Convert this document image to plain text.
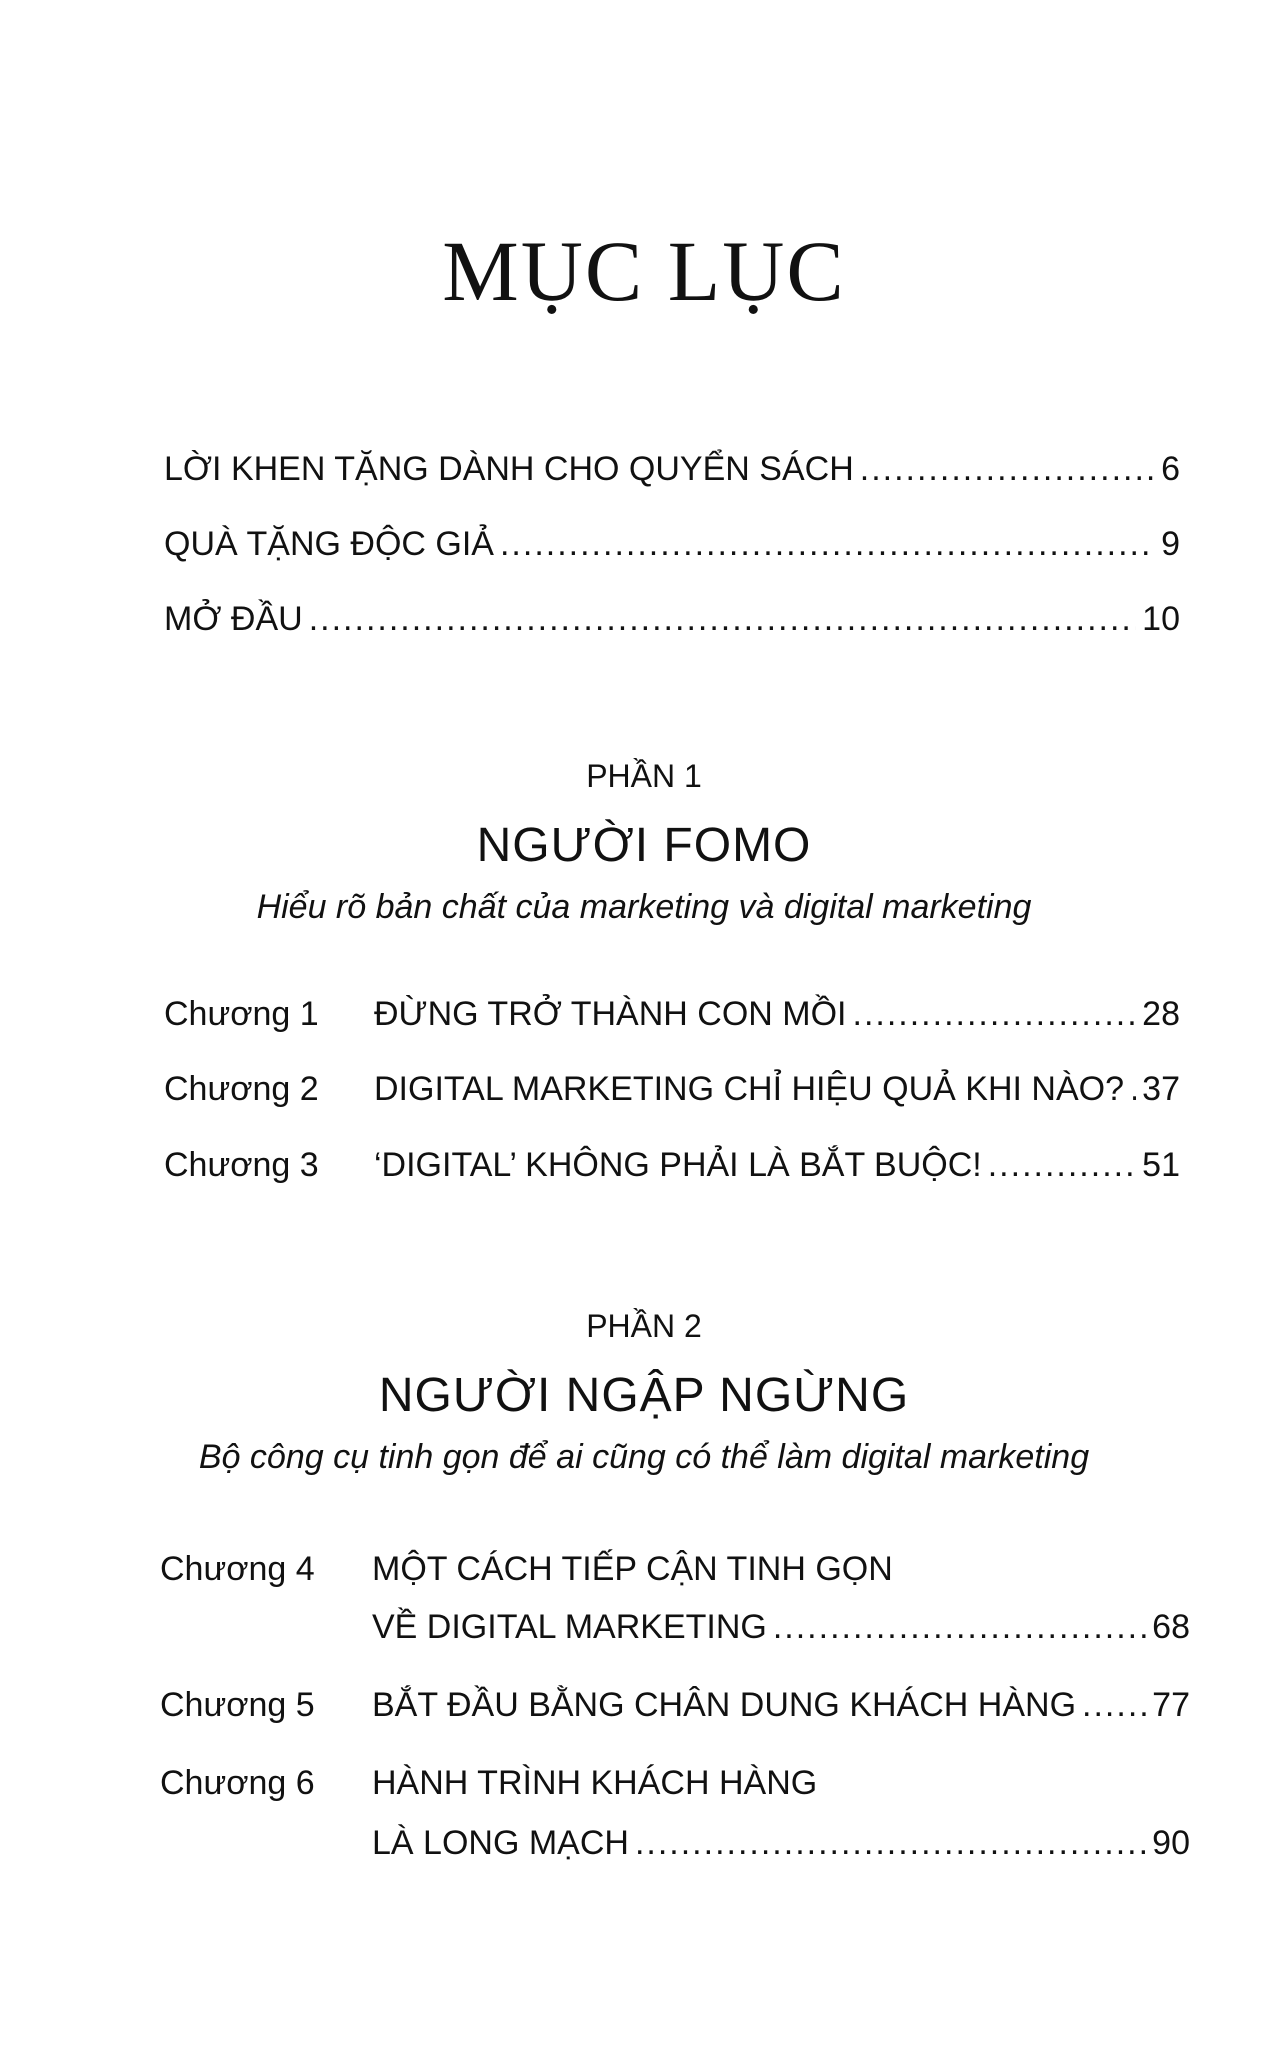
MỤC LỤC
LỜI KHEN TẶNG DÀNH CHO QUYỂN SÁCH .....	6
QUÀ TẶNG ĐỘC GIẢ .....	9
MỞ ĐẦU .....	10
PHẦN 1
NGƯỜI FOMO
Hiểu rõ bản chất của marketing và digital marketing
Chương 1 ĐỪNG TRỞ THÀNH CON MỒI .....	28
Chương 2 DIGITAL MARKETING CHỈ HIỆU QUẢ KHI NÀO? ..... 37
Chương 3 ‘DIGITAL’ KHÔNG PHẢI LÀ BẮT BUỘC! .....	51
PHẦN 2
NGƯỜI NGẬP NGỪNG
Bộ công cụ tinh gọn để ai cũng có thể làm digital marketing
Chương 4 MỘT CÁCH TIẾP CẬN TINH GỌN
VỀ DIGITAL MARKETING .....	68
Chương 5 BẮT ĐẦU BẰNG CHÂN DUNG KHÁCH HÀNG ..... 77
Chương 6 HÀNH TRÌNH KHÁCH HÀNG
LÀ LONG MẠCH .....	90
